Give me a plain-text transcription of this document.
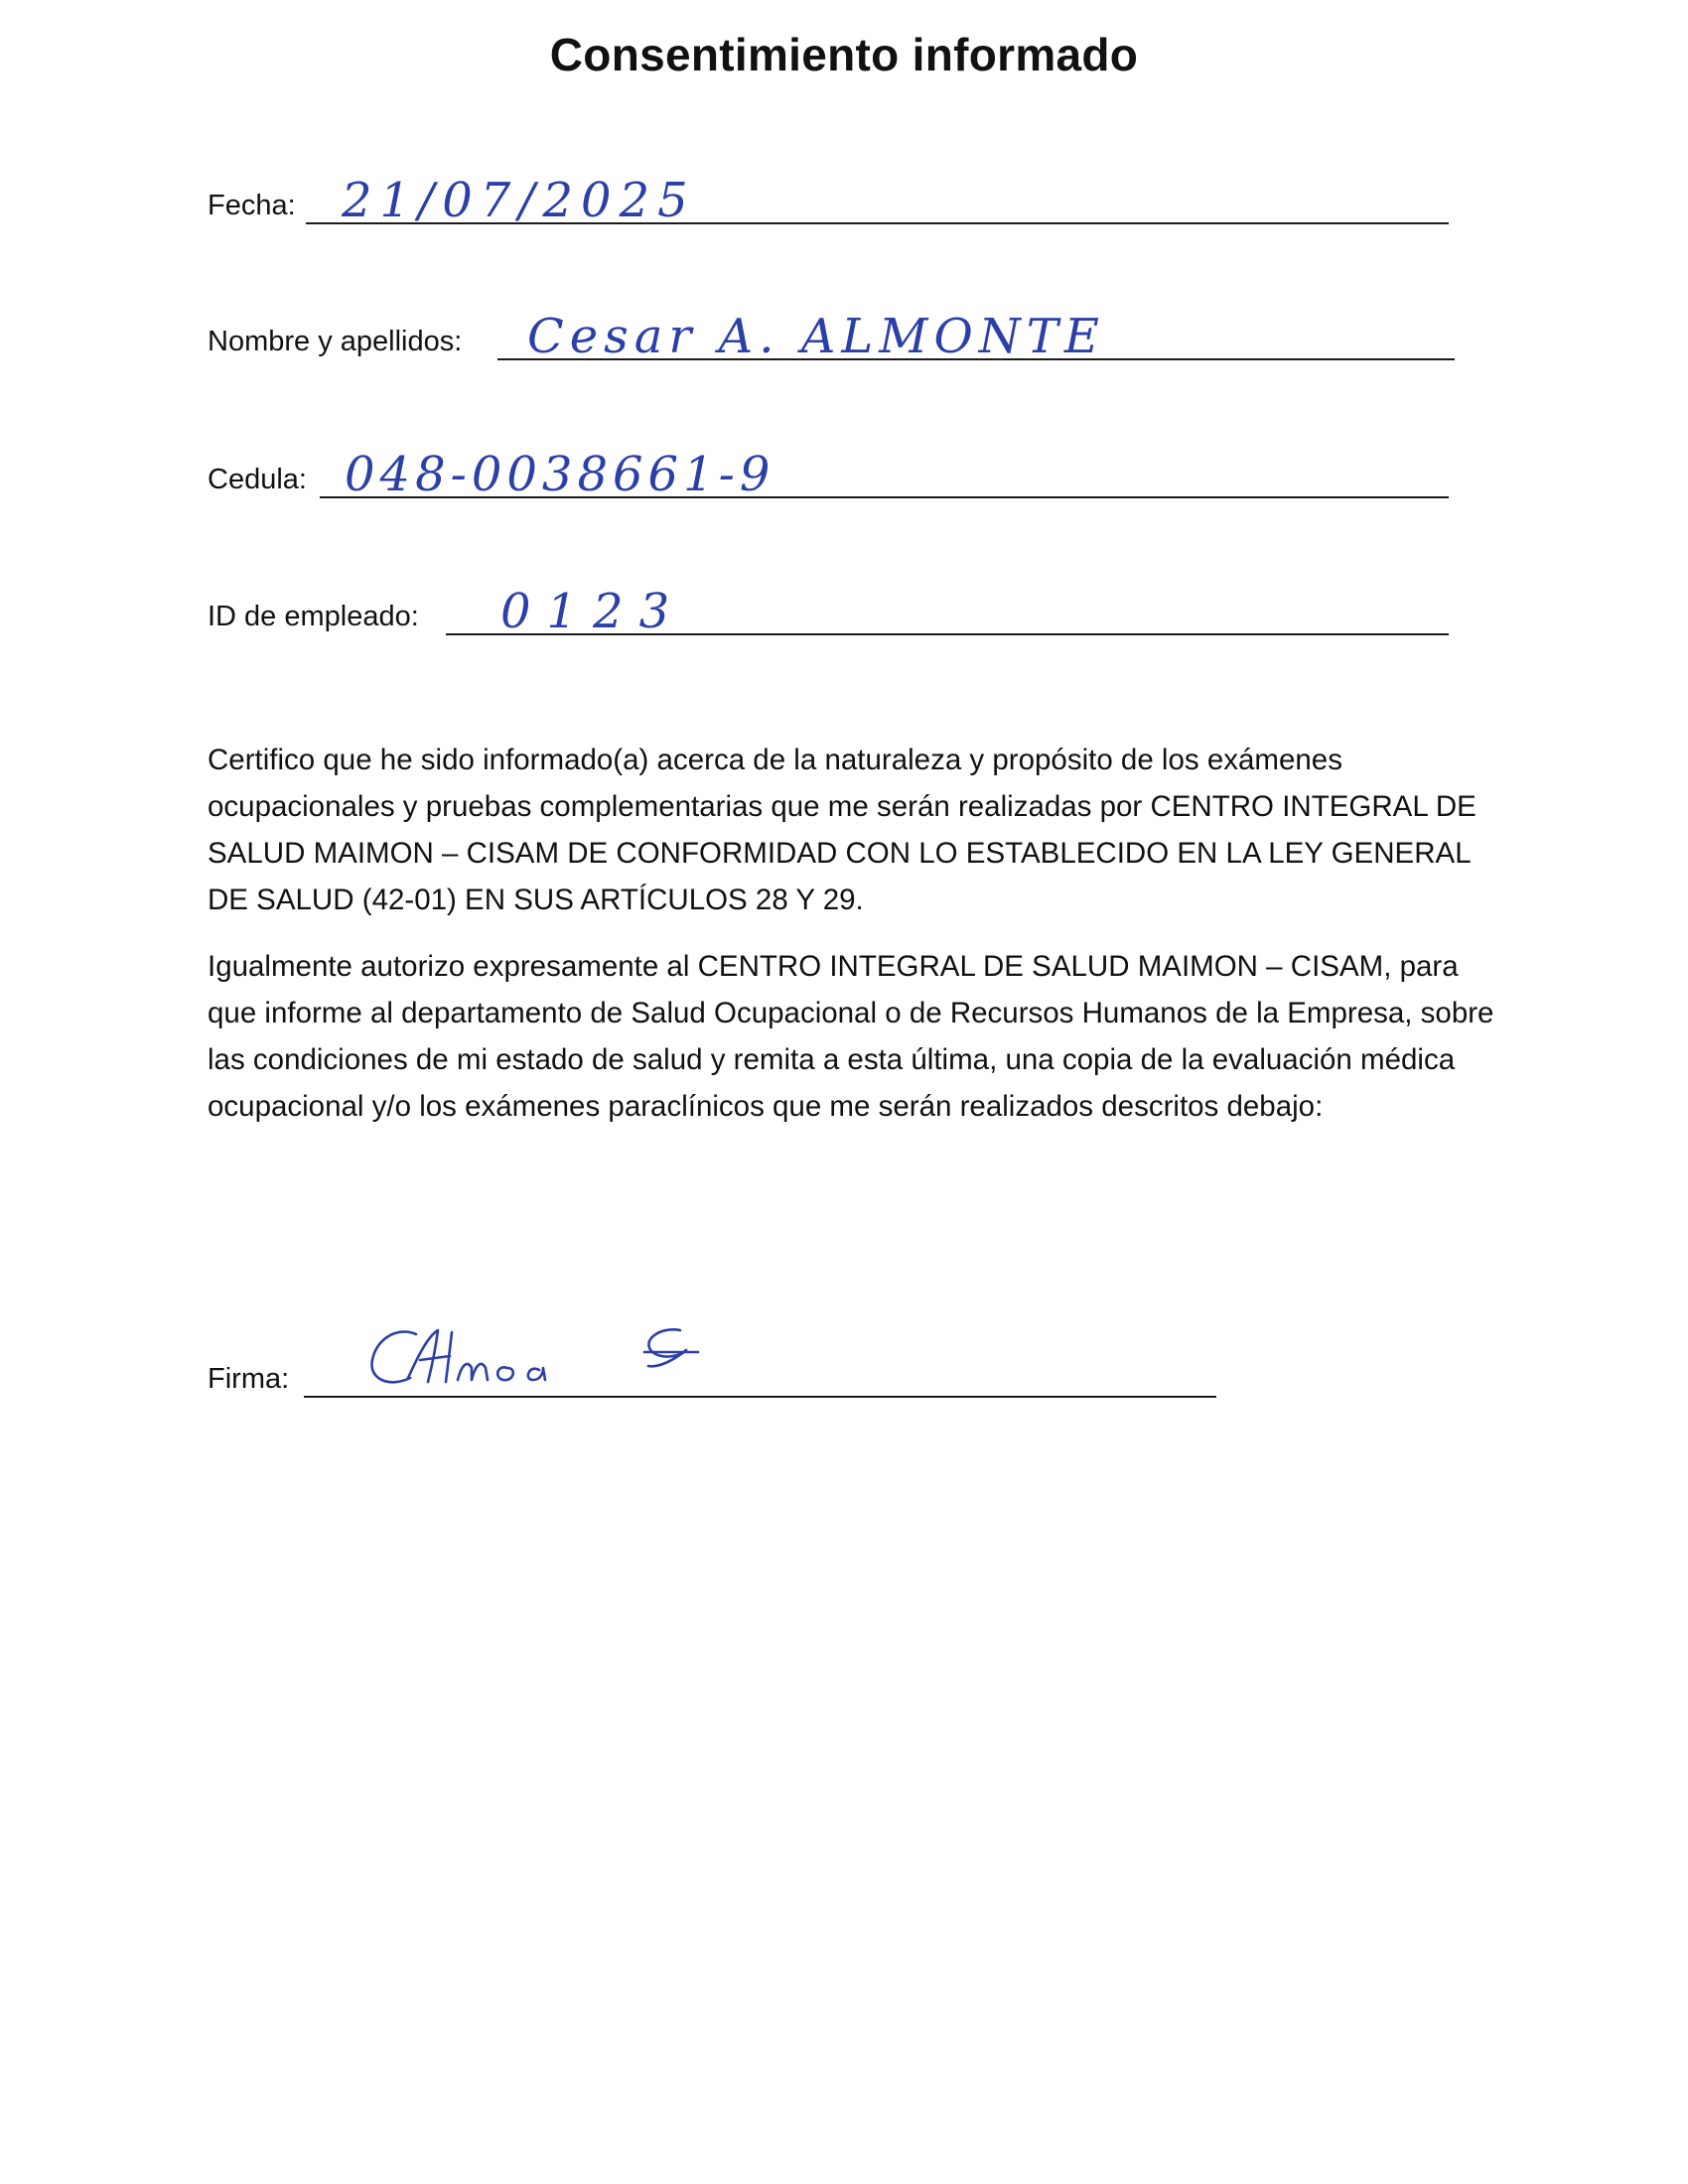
Consentimiento informado
Fecha: 21/07/2025
Nombre y apellidos: Cesar A. ALMONTE
Cedula: 048-0038661-9
ID de empleado: 0123

Certifico que he sido informado(a) acerca de la naturaleza y propósito de los exámenes ocupacionales y pruebas complementarias que me serán realizadas por CENTRO INTEGRAL DE SALUD MAIMON – CISAM DE CONFORMIDAD CON LO ESTABLECIDO EN LA LEY GENERAL DE SALUD (42-01) EN SUS ARTÍCULOS 28 Y 29.

Igualmente autorizo expresamente al CENTRO INTEGRAL DE SALUD MAIMON – CISAM, para que informe al departamento de Salud Ocupacional o de Recursos Humanos de la Empresa, sobre las condiciones de mi estado de salud y remita a esta última, una copia de la evaluación médica ocupacional y/o los exámenes paraclínicos que me serán realizados descritos debajo:

Firma:
